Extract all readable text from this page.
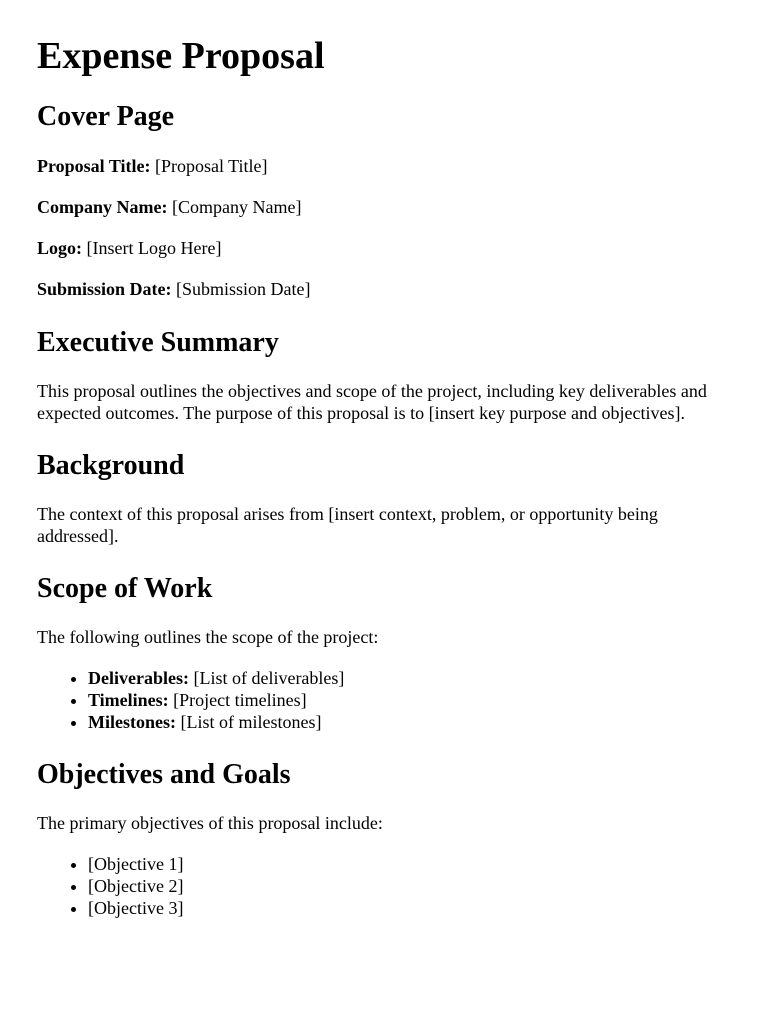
Expense Proposal
Cover Page

Proposal Title: [Proposal Title]

Company Name: [Company Name]

Logo: [Insert Logo Here]

Submission Date: [Submission Date]

Executive Summary

This proposal outlines the objectives and scope of the project, including key deliverables and expected outcomes. The purpose of this proposal is to [insert key purpose and objectives].

Background

The context of this proposal arises from [insert context, problem, or opportunity being addressed].

Scope of Work

The following outlines the scope of the project:

• Deliverables: [List of deliverables]
• Timelines: [Project timelines]
• Milestones: [List of milestones]
Objectives and Goals

The primary objectives of this proposal include:

• [Objective 1]
• [Objective 2]
• [Objective 3]
